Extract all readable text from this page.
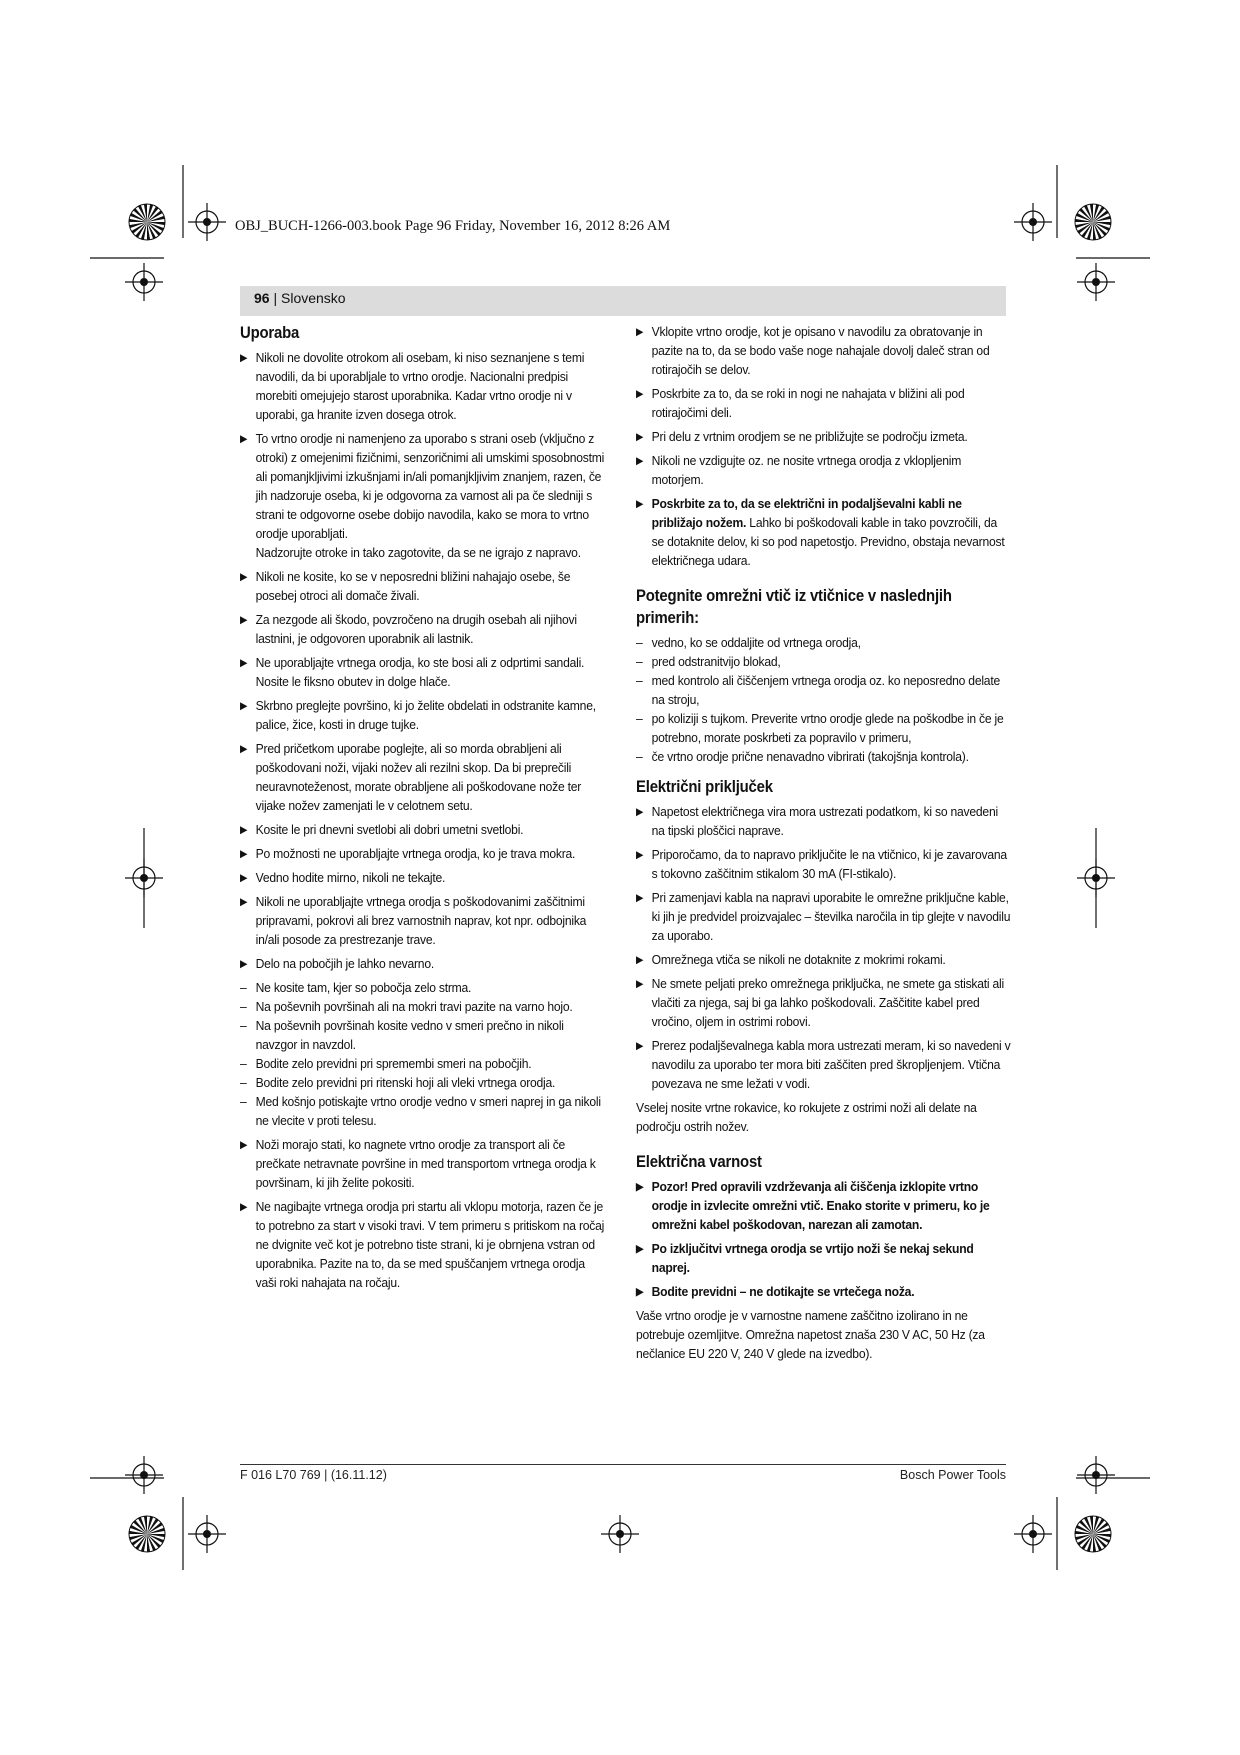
OBJ_BUCH-1266-003.book Page 96 Friday, November 16, 2012 8:26 AM
96 | Slovensko
Uporaba
▶ Nikoli ne dovolite otrokom ali osebam, ki niso seznanjene s temi navodili, da bi uporabljale to vrtno orodje. Nacionalni predpisi morebiti omejujejo starost uporabnika. Kadar vrtno orodje ni v uporabi, ga hranite izven dosega otrok.
▶ To vrtno orodje ni namenjeno za uporabo s strani oseb (vključno z otroki) z omejenimi fizičnimi, senzoričnimi ali umskimi sposobnostmi ali pomanjkljivimi izkušnjami in/ali pomanjkljivim znanjem, razen, če jih nadzoruje oseba, ki je odgovorna za varnost ali pa če sledniji s strani te odgovorne osebe dobijo navodila, kako se mora to vrtno orodje uporabljati.
Nadzorujte otroke in tako zagotovite, da se ne igrajo z napravo.
▶ Nikoli ne kosite, ko se v neposredni bližini nahajajo osebe, še posebej otroci ali domače živali.
▶ Za nezgode ali škodo, povzročeno na drugih osebah ali njihovi lastnini, je odgovoren uporabnik ali lastnik.
▶ Ne uporabljajte vrtnega orodja, ko ste bosi ali z odprtimi sandali. Nosite le fiksno obutev in dolge hlače.
▶ Skrbno preglejte površino, ki jo želite obdelati in odstranite kamne, palice, žice, kosti in druge tujke.
▶ Pred pričetkom uporabe poglejte, ali so morda obrabljeni ali poškodovani noži, vijaki nožev ali rezilni skop. Da bi preprečili neuravnoteženost, morate obrabljene ali poškodovane nože ter vijake nožev zamenjati le v celotnem setu.
▶ Kosite le pri dnevni svetlobi ali dobri umetni svetlobi.
▶ Po možnosti ne uporabljajte vrtnega orodja, ko je trava mokra.
▶ Vedno hodite mirno, nikoli ne tekajte.
▶ Nikoli ne uporabljajte vrtnega orodja s poškodovanimi zaščitnimi pripravami, pokrovi ali brez varnostnih naprav, kot npr. odbojnika in/ali posode za prestrezanje trave.
▶ Delo na pobočjih je lahko nevarno.
– Ne kosite tam, kjer so pobočja zelo strma.
– Na poševnih površinah ali na mokri travi pazite na varno hojo.
– Na poševnih površinah kosite vedno v smeri prečno in nikoli navzgor in navzdol.
– Bodite zelo previdni pri spremembi smeri na pobočjih.
– Bodite zelo previdni pri ritenski hoji ali vleki vrtnega orodja.
– Med košnjo potiskajte vrtno orodje vedno v smeri naprej in ga nikoli ne vlecite v proti telesu.
▶ Noži morajo stati, ko nagnete vrtno orodje za transport ali če prečkate netravnate površine in med transportom vrtnega orodja k površinam, ki jih želite pokositi.
▶ Ne nagibajte vrtnega orodja pri startu ali vklopu motorja, razen če je to potrebno za start v visoki travi. V tem primeru s pritiskom na ročaj ne dvignite več kot je potrebno tiste strani, ki je obrnjena vstran od uporabnika. Pazite na to, da se med spuščanjem vrtnega orodja vaši roki nahajata na ročaju.
▶ Vklopite vrtno orodje, kot je opisano v navodilu za obratovanje in pazite na to, da se bodo vaše noge nahajale dovolj daleč stran od rotirajočih se delov.
▶ Poskrbite za to, da se roki in nogi ne nahajata v bližini ali pod rotirajočimi deli.
▶ Pri delu z vrtnim orodjem se ne približujte se področju izmeta.
▶ Nikoli ne vzdigujte oz. ne nosite vrtnega orodja z vklopljenim motorjem.
▶ Poskrbite za to, da se električni in podaljševalni kabli ne približajo nožem. Lahko bi poškodovali kable in tako povzročili, da se dotaknite delov, ki so pod napetostjo. Previdno, obstaja nevarnost električnega udara.
Potegnite omrežni vtič iz vtičnice v naslednjih primerih:
– vedno, ko se oddaljite od vrtnega orodja,
– pred odstranitvijo blokad,
– med kontrolo ali čiščenjem vrtnega orodja oz. ko neposredno delate na stroju,
– po koliziji s tujkom. Preverite vrtno orodje glede na poškodbe in če je potrebno, morate poskrbeti za popravilo v primeru,
– če vrtno orodje prične nenavadno vibrirati (takojšnja kontrola).
Električni priključek
▶ Napetost električnega vira mora ustrezati podatkom, ki so navedeni na tipski ploščici naprave.
▶ Priporočamo, da to napravo priključite le na vtičnico, ki je zavarovana s tokovno zaščitnim stikalom 30 mA (FI-stikalo).
▶ Pri zamenjavi kabla na napravi uporabite le omrežne priključne kable, ki jih je predvidel proizvajalec – številka naročila in tip glejte v navodilu za uporabo.
▶ Omrežnega vtiča se nikoli ne dotaknite z mokrimi rokami.
▶ Ne smete peljati preko omrežnega priključka, ne smete ga stiskati ali vlačiti za njega, saj bi ga lahko poškodovali. Zaščitite kabel pred vročino, oljem in ostrimi robovi.
▶ Prerez podaljševalnega kabla mora ustrezati meram, ki so navedeni v navodilu za uporabo ter mora biti zaščiten pred škropljenjem. Vtična povezava ne sme ležati v vodi.
Vselej nosite vrtne rokavice, ko rokujete z ostrimi noži ali delate na področju ostrih nožev.
Električna varnost
▶ Pozor! Pred opravili vzdrževanja ali čiščenja izklopite vrtno orodje in izvlecite omrežni vtič. Enako storite v primeru, ko je omrežni kabel poškodovan, narezan ali zamotan.
▶ Po izključitvi vrtnega orodja se vrtijo noži še nekaj sekund naprej.
▶ Bodite previdni – ne dotikajte se vrtečega noža.
Vaše vrtno orodje je v varnostne namene zaščitno izolirano in ne potrebuje ozemljitve. Omrežna napetost znaša 230 V AC, 50 Hz (za nečlanice EU 220 V, 240 V glede na izvedbo).
F 016 L70 769 | (16.11.12)	Bosch Power Tools
